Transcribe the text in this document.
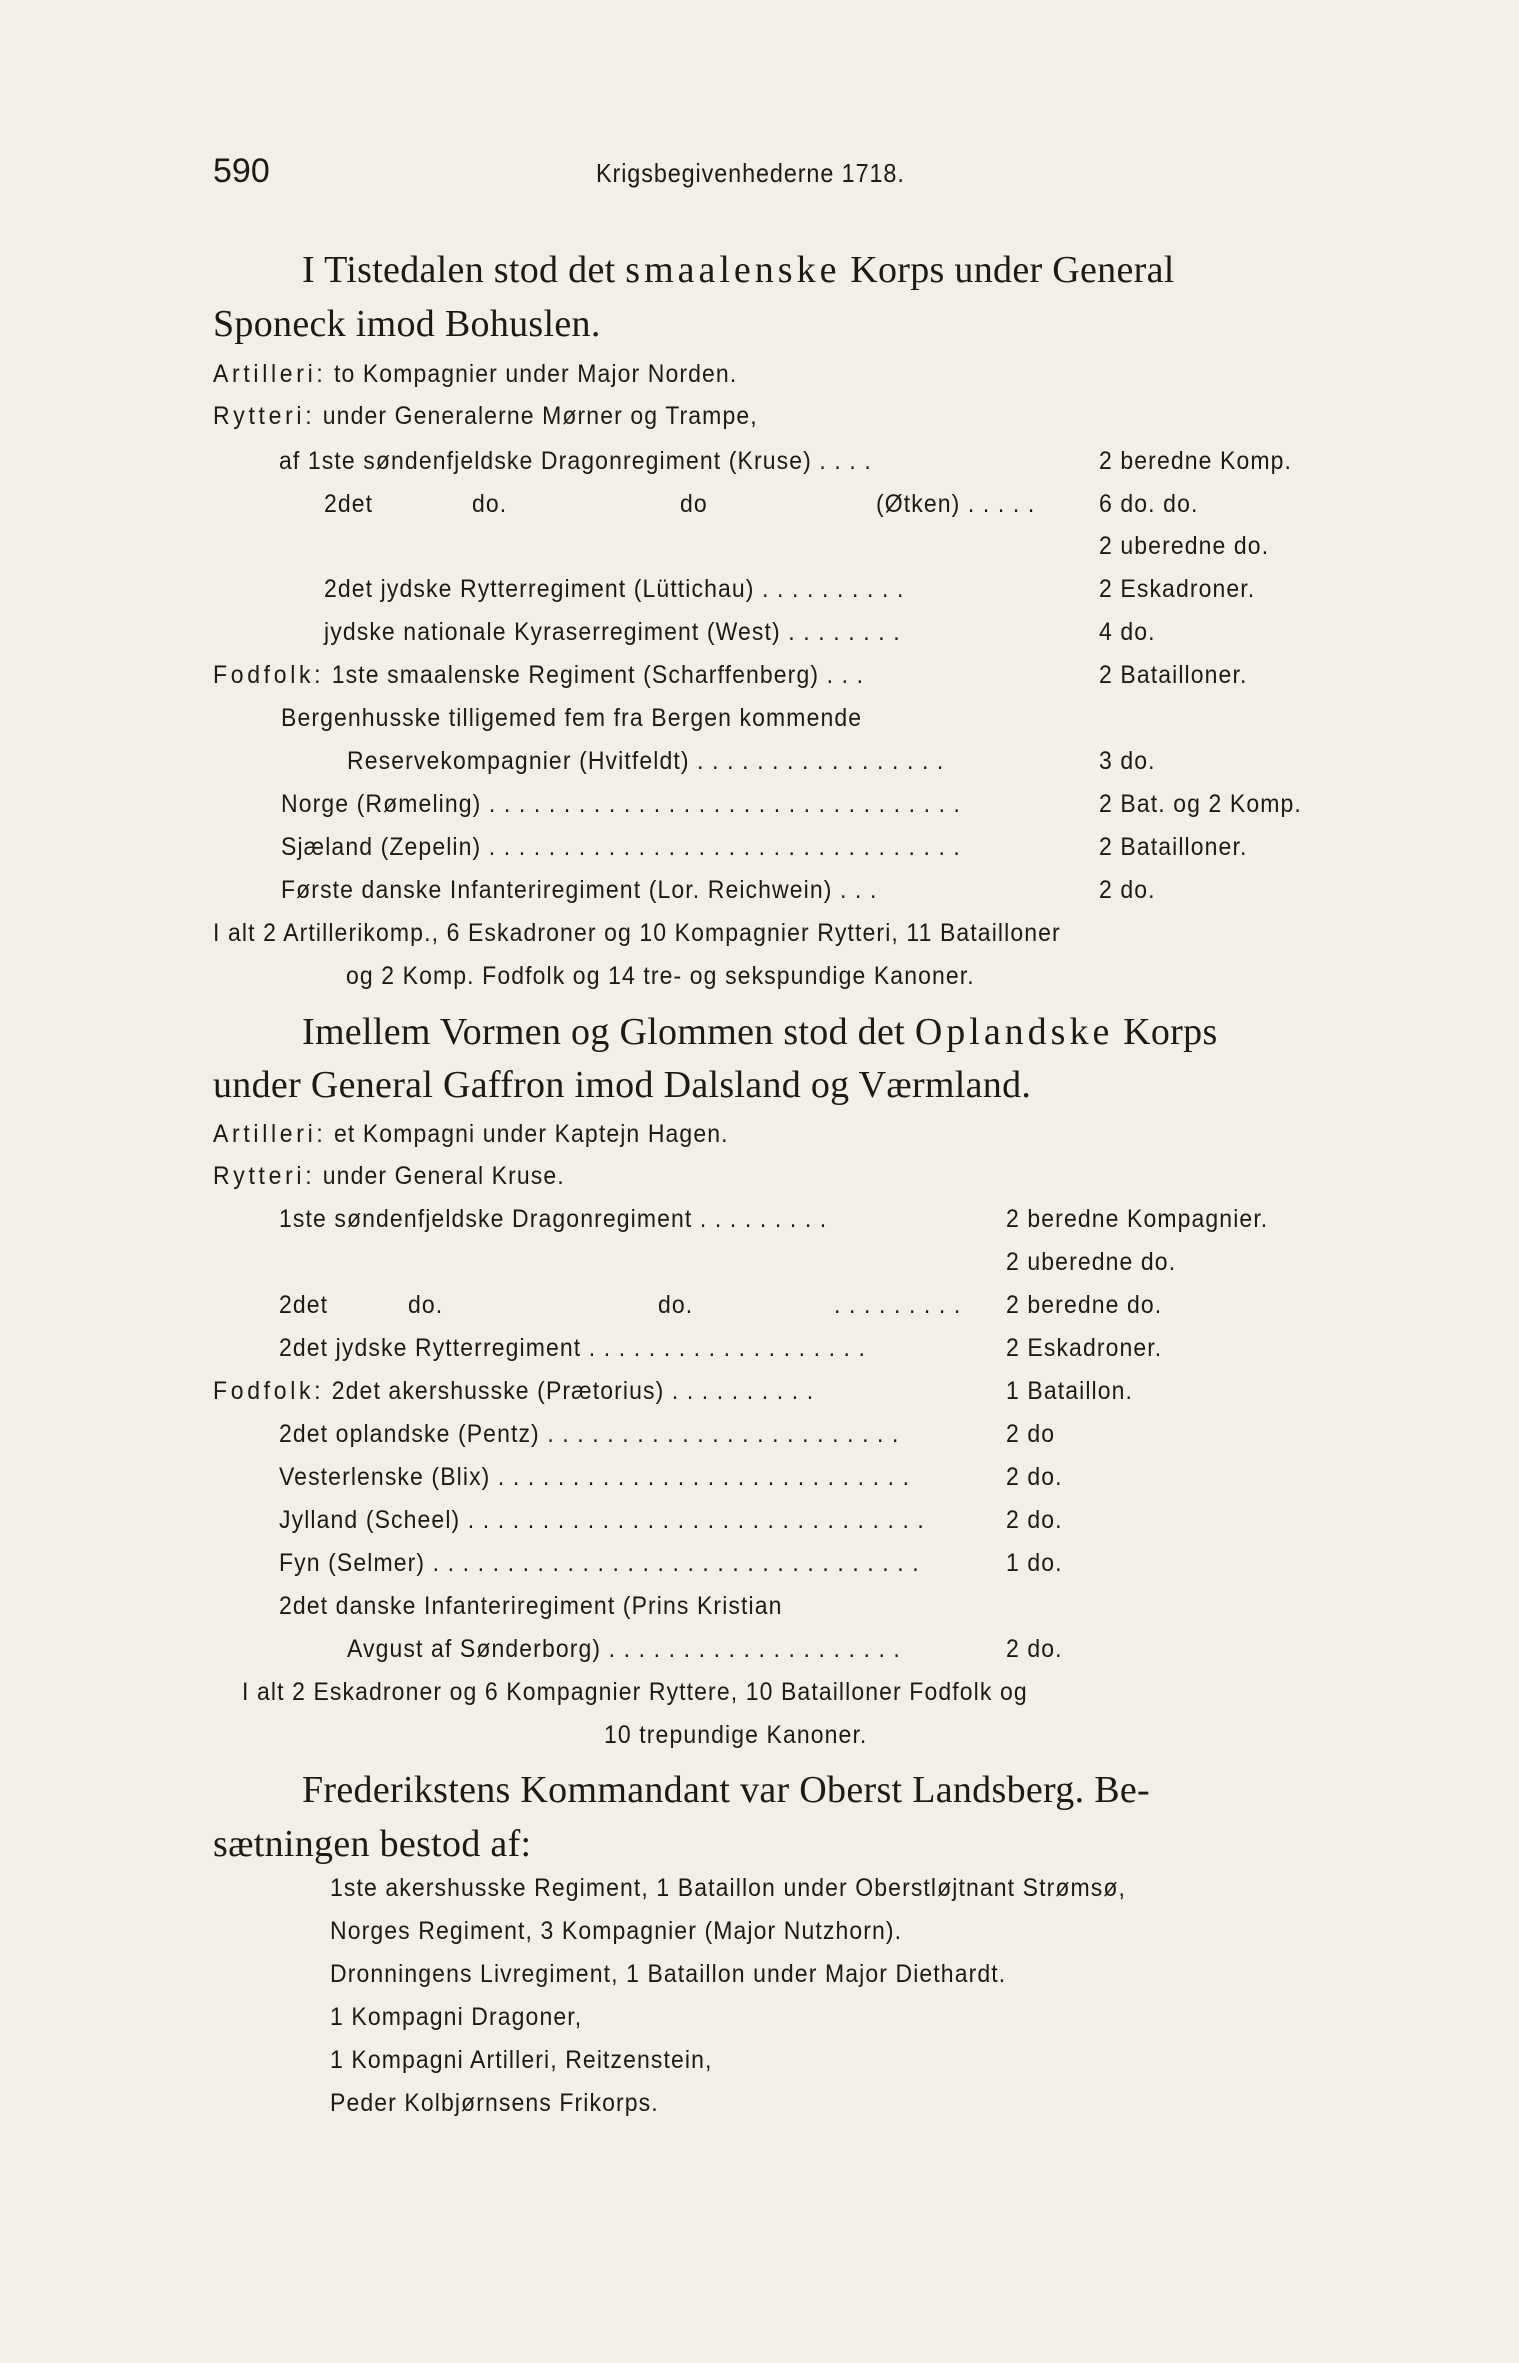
590	Krigsbegivenhederne 1718.
I Tistedalen stod det smaalenske Korps under General
Sponeck imod Bohuslen.
Artilleri: to Kompagnier under Major Norden.
Rytteri: under Generalerne Mørner og Trampe,
af 1ste søndenfjeldske Dragonregiment (Kruse) . . . .	2 beredne Komp.
2det	do.	do	(Øtken) . . . . .	6 do. do.
2 uberedne do.
2det jydske Rytterregiment (Lüttichau) . . . . . . . . . .	2 Eskadroner.
jydske nationale Kyraserregiment (West) . . . . . . . .	4 do.
Fodfolk: 1ste smaalenske Regiment (Scharffenberg) . . .	2 Batailloner.
Bergenhusske tilligemed fem fra Bergen kommende
Reservekompagnier (Hvitfeldt) . . . . . . . . . . . . . . . . .	3 do.
Norge (Rømeling) . . . . . . . . . . . . . . . . . . . . . . . . . . . . . . . .	2 Bat. og 2 Komp.
Sjæland (Zepelin) . . . . . . . . . . . . . . . . . . . . . . . . . . . . . . . .	2 Batailloner.
Første danske Infanteriregiment (Lor. Reichwein) . . .	2 do.
I alt 2 Artillerikomp., 6 Eskadroner og 10 Kompagnier Rytteri, 11 Batailloner
og 2 Komp. Fodfolk og 14 tre- og sekspundige Kanoner.
Imellem Vormen og Glommen stod det Oplandske Korps
under General Gaffron imod Dalsland og Værmland.
Artilleri: et Kompagni under Kaptejn Hagen.
Rytteri: under General Kruse.
1ste søndenfjeldske Dragonregiment . . . . . . . . .	2 beredne Kompagnier.
2 uberedne do.
2det	do.	do.	. . . . . . . . . 2 beredne do.
2det jydske Rytterregiment . . . . . . . . . . . . . . . . . . .	2 Eskadroner.
Fodfolk: 2det akershusske (Prætorius) . . . . . . . . . .	1 Bataillon.
2det oplandske (Pentz) . . . . . . . . . . . . . . . . . . . . . . . .	2 do
Vesterlenske (Blix) . . . . . . . . . . . . . . . . . . . . . . . . . . . .	2 do.
Jylland (Scheel) . . . . . . . . . . . . . . . . . . . . . . . . . . . . . . .	2 do.
Fyn (Selmer) . . . . . . . . . . . . . . . . . . . . . . . . . . . . . . . . .	1 do.
2det danske Infanteriregiment (Prins Kristian
Avgust af Sønderborg) . . . . . . . . . . . . . . . . . . . .	2 do.
I alt 2 Eskadroner og 6 Kompagnier Ryttere, 10 Batailloner Fodfolk og
10 trepundige Kanoner.
Frederikstens Kommandant var Oberst Landsberg. Be-
sætningen bestod af:
1ste akershusske Regiment, 1 Bataillon under Oberstløjtnant Strømsø,
Norges Regiment, 3 Kompagnier (Major Nutzhorn).
Dronningens Livregiment, 1 Bataillon under Major Diethardt.
1 Kompagni Dragoner,
1 Kompagni Artilleri, Reitzenstein,
Peder Kolbjørnsens Frikorps.
